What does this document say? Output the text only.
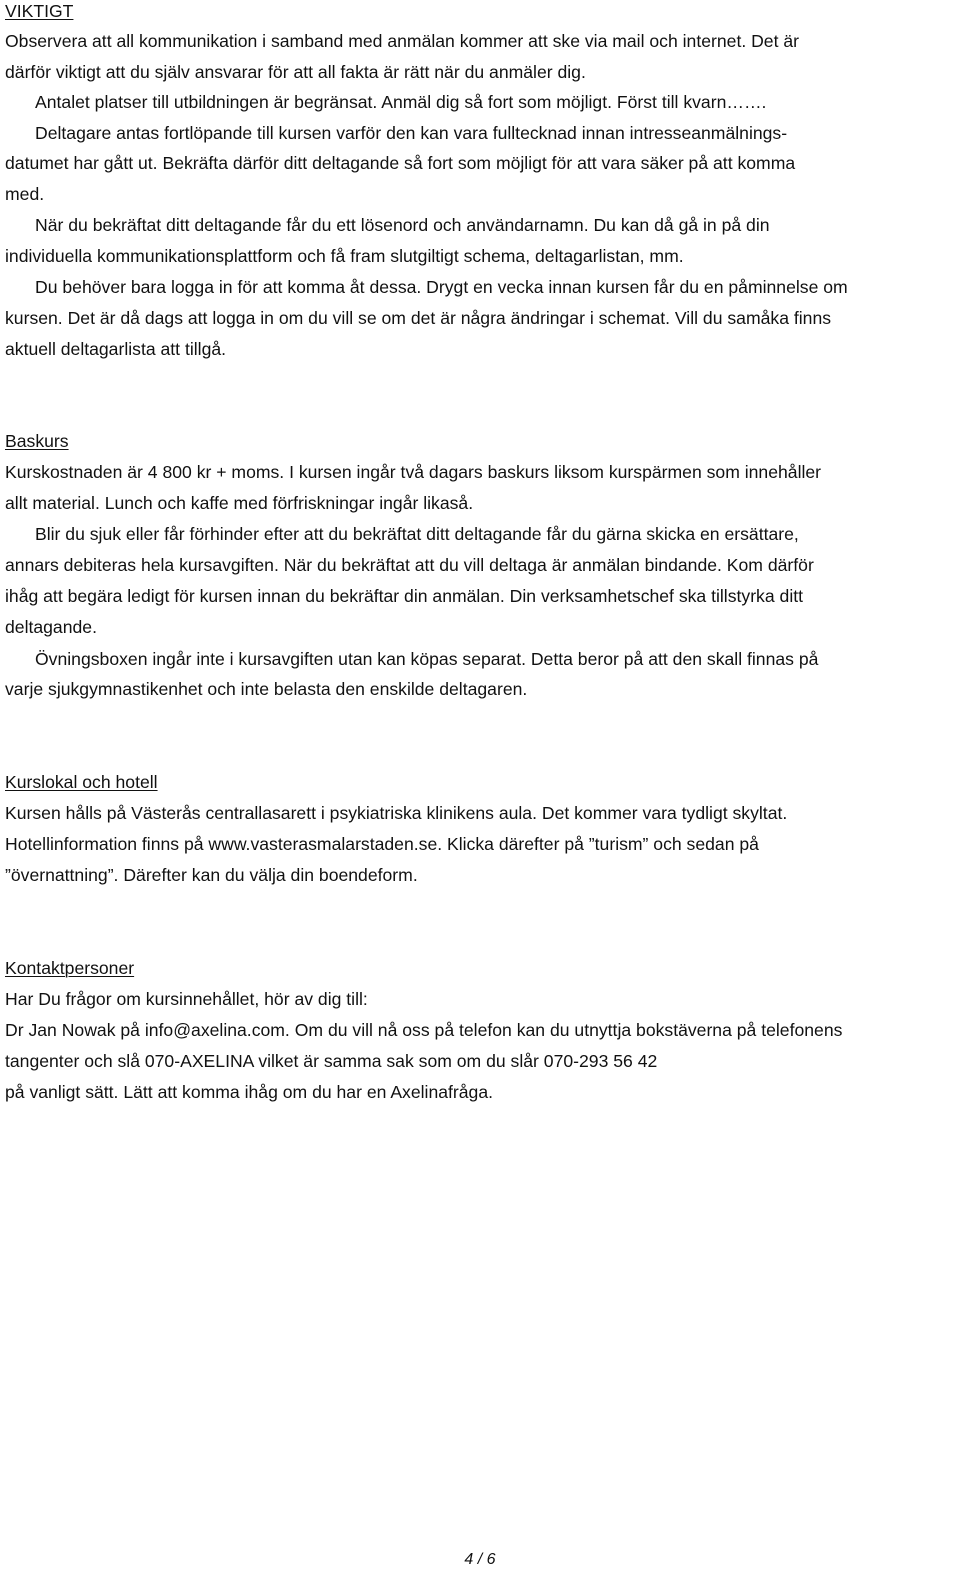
VIKTIGT
Observera att all kommunikation i samband med anmälan kommer att ske via mail och internet. Det är
därför viktigt att du själv ansvarar för att all fakta är rätt när du anmäler dig.
Antalet platser till utbildningen är begränsat. Anmäl dig så fort som möjligt. Först till kvarn…….
Deltagare antas fortlöpande till kursen varför den kan vara fulltecknad innan intresseanmälnings-
datumet har gått ut. Bekräfta därför ditt deltagande så fort som möjligt för att vara säker på att komma
med.
När du bekräftat ditt deltagande får du ett lösenord och användarnamn. Du kan då gå in på din
individuella kommunikationsplattform och få fram slutgiltigt schema, deltagarlistan, mm.
Du behöver bara logga in för att komma åt dessa. Drygt en vecka innan kursen får du en påminnelse om
kursen. Det är då dags att logga in om du vill se om det är några ändringar i schemat. Vill du samåka finns
aktuell deltagarlista att tillgå.
Baskurs
Kurskostnaden är 4 800 kr + moms. I kursen ingår två dagars baskurs liksom kurspärmen som innehåller
allt material. Lunch och kaffe med förfriskningar ingår likaså.
Blir du sjuk eller får förhinder efter att du bekräftat ditt deltagande får du gärna skicka en ersättare,
annars debiteras hela kursavgiften. När du bekräftat att du vill deltaga är anmälan bindande. Kom därför
ihåg att begära ledigt för kursen innan du bekräftar din anmälan. Din verksamhetschef ska tillstyrka ditt
deltagande.
Övningsboxen ingår inte i kursavgiften utan kan köpas separat. Detta beror på att den skall finnas på
varje sjukgymnastikenhet och inte belasta den enskilde deltagaren.
Kurslokal och hotell
Kursen hålls på Västerås centrallasarett i psykiatriska klinikens aula. Det kommer vara tydligt skyltat.
Hotellinformation finns på www.vasterasmalarstaden.se. Klicka därefter på ”turism” och sedan på
”övernattning”. Därefter kan du välja din boendeform.
Kontaktpersoner
Har Du frågor om kursinnehållet, hör av dig till:
Dr Jan Nowak på info@axelina.com. Om du vill nå oss på telefon kan du utnyttja bokstäverna på telefonens
tangenter och slå 070-AXELINA vilket är samma sak som om du slår 070-293 56 42
på vanligt sätt. Lätt att komma ihåg om du har en Axelinafråga.
4 / 6
